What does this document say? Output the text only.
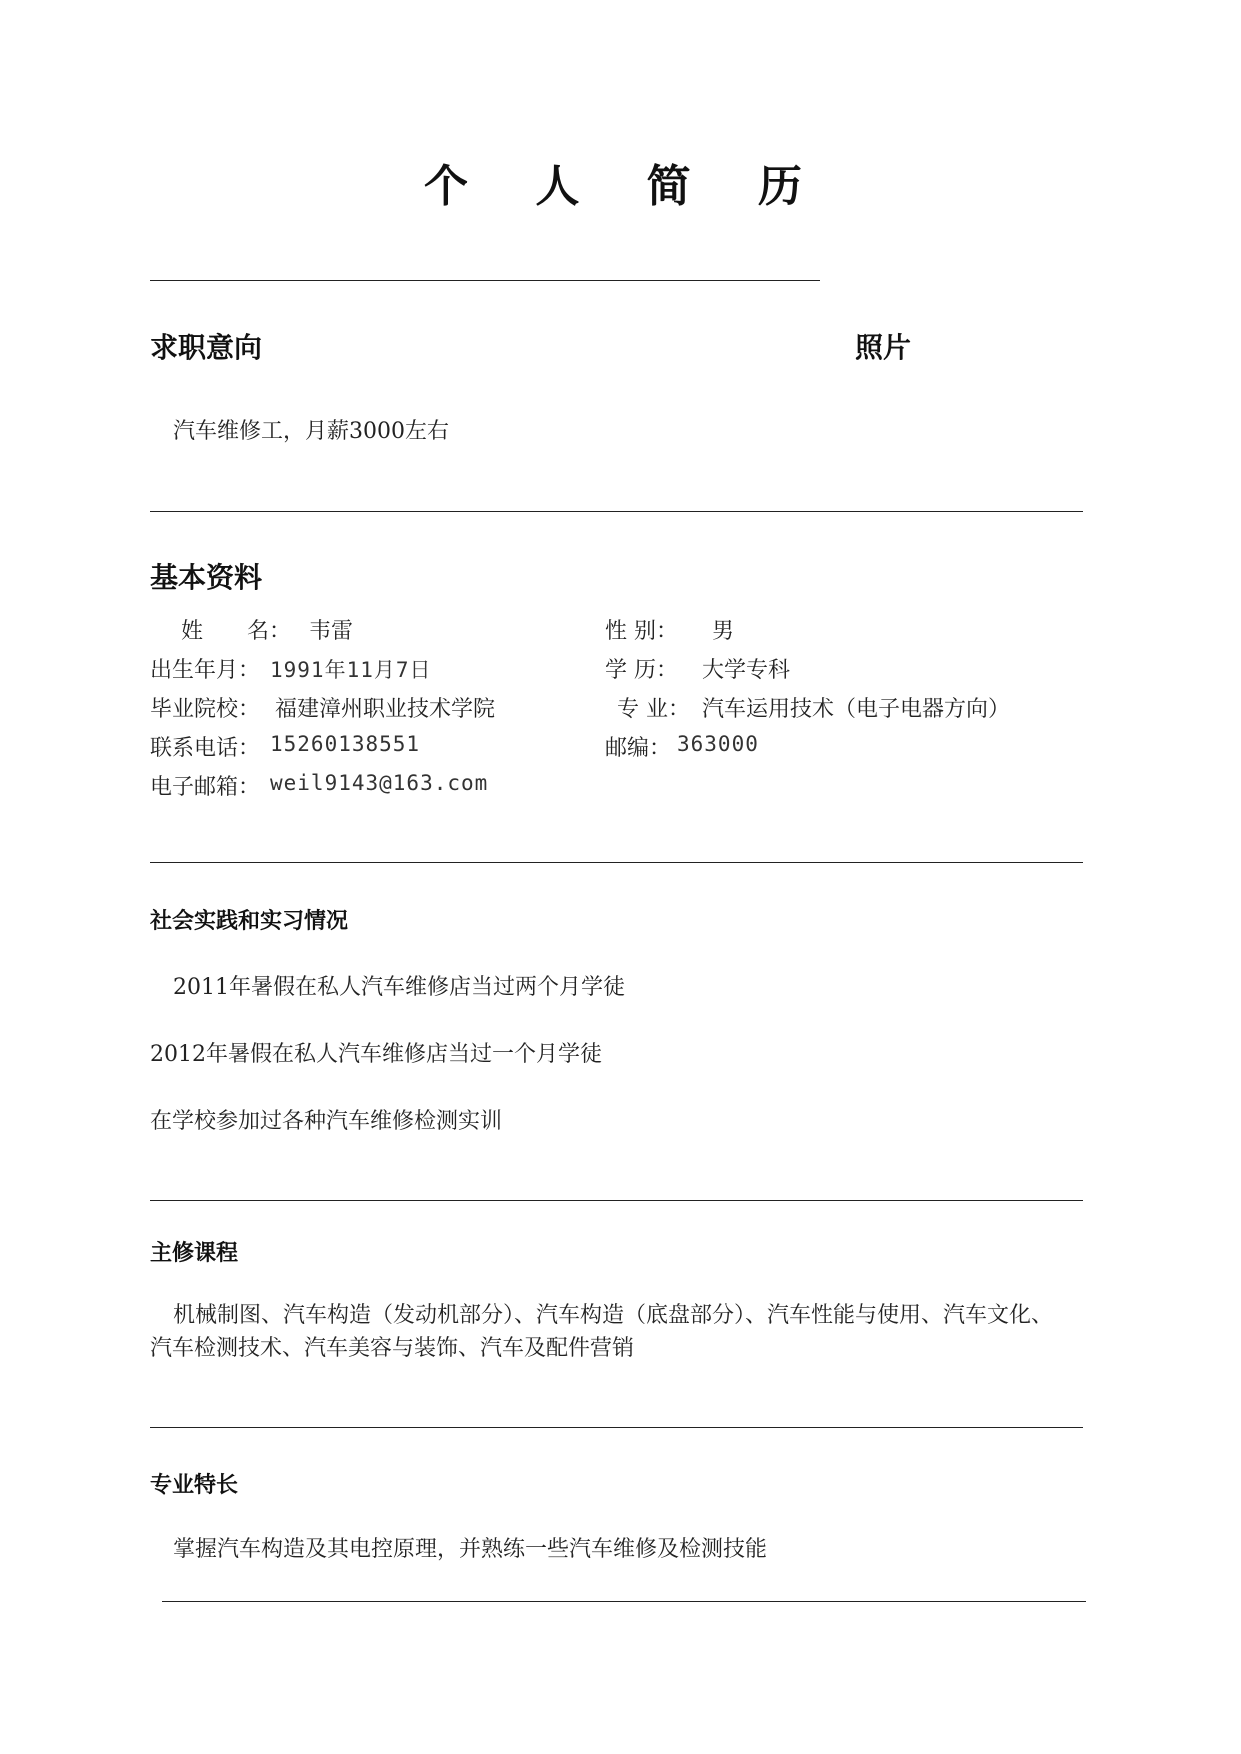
个 人 简 历
求职意向	照片
汽车维修工，月薪3000左右
基本资料
姓　　名： 韦雷	性 别： 男
出生年月： 1991年11月7日	学 历： 大学专科
毕业院校： 福建漳州职业技术学院	专 业： 汽车运用技术（电子电器方向）
联系电话： 15260138551	邮编： 363000
电子邮箱： weil9143@163.com
社会实践和实习情况
2011年暑假在私人汽车维修店当过两个月学徒
2012年暑假在私人汽车维修店当过一个月学徒
在学校参加过各种汽车维修检测实训
主修课程
机械制图、汽车构造（发动机部分）、汽车构造（底盘部分）、汽车性能与使用、汽车文化、
汽车检测技术、汽车美容与装饰、汽车及配件营销
专业特长
掌握汽车构造及其电控原理，并熟练一些汽车维修及检测技能
